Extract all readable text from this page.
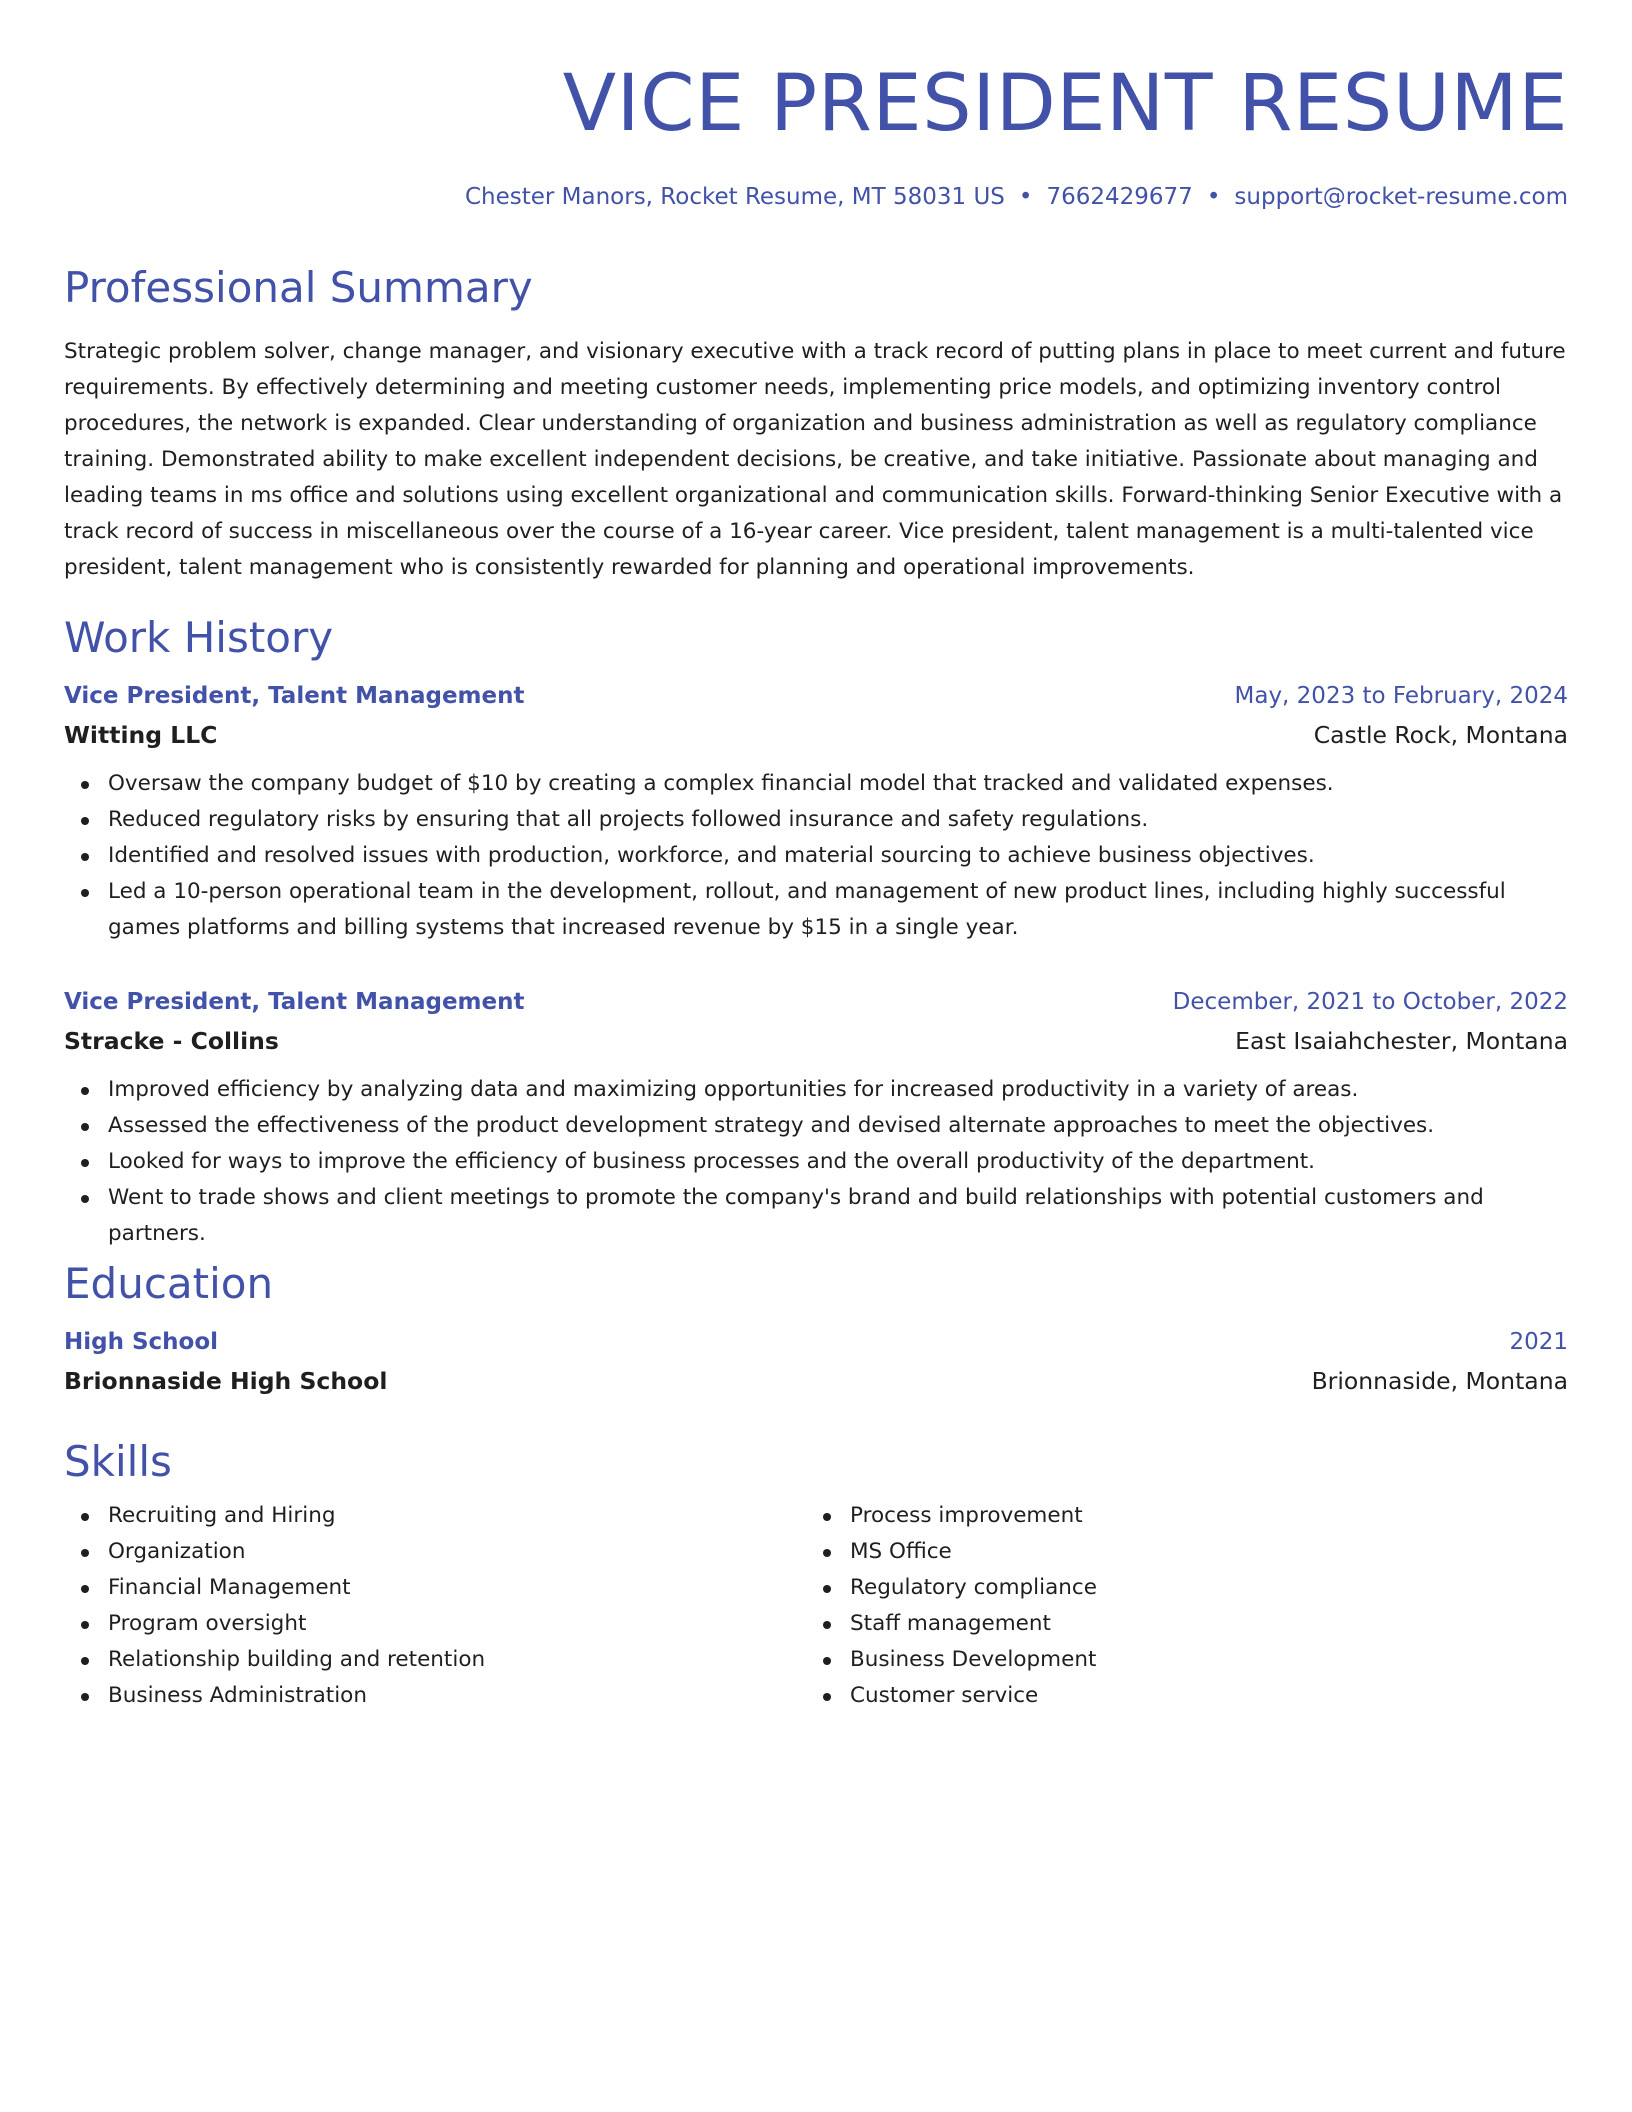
VICE PRESIDENT RESUME
Chester Manors, Rocket Resume, MT 58031 US • 7662429677 • support@rocket-resume.com
Professional Summary

Strategic problem solver, change manager, and visionary executive with a track record of putting plans in place to meet current and future requirements. By effectively determining and meeting customer needs, implementing price models, and optimizing inventory control procedures, the network is expanded. Clear understanding of organization and business administration as well as regulatory compliance training. Demonstrated ability to make excellent independent decisions, be creative, and take initiative. Passionate about managing and leading teams in ms office and solutions using excellent organizational and communication skills. Forward-thinking Senior Executive with a track record of success in miscellaneous over the course of a 16-year career. Vice president, talent management is a multi-talented vice president, talent management who is consistently rewarded for planning and operational improvements.

Work History
Vice President, Talent Management	May, 2023 to February, 2024
Witting LLC	Castle Rock, Montana
Oversaw the company budget of $10 by creating a complex financial model that tracked and validated expenses.
Reduced regulatory risks by ensuring that all projects followed insurance and safety regulations.
Identified and resolved issues with production, workforce, and material sourcing to achieve business objectives.
Led a 10-person operational team in the development, rollout, and management of new product lines, including highly successful games platforms and billing systems that increased revenue by $15 in a single year.
Vice President, Talent Management	December, 2021 to October, 2022
Stracke - Collins	East Isaiahchester, Montana
Improved efficiency by analyzing data and maximizing opportunities for increased productivity in a variety of areas.
Assessed the effectiveness of the product development strategy and devised alternate approaches to meet the objectives.
Looked for ways to improve the efficiency of business processes and the overall productivity of the department.
Went to trade shows and client meetings to promote the company's brand and build relationships with potential customers and partners.
Education
High School	2021
Brionnaside High School	Brionnaside, Montana
Skills
Recruiting and Hiring
Organization
Financial Management
Program oversight
Relationship building and retention
Business Administration
Process improvement
MS Office
Regulatory compliance
Staff management
Business Development
Customer service
